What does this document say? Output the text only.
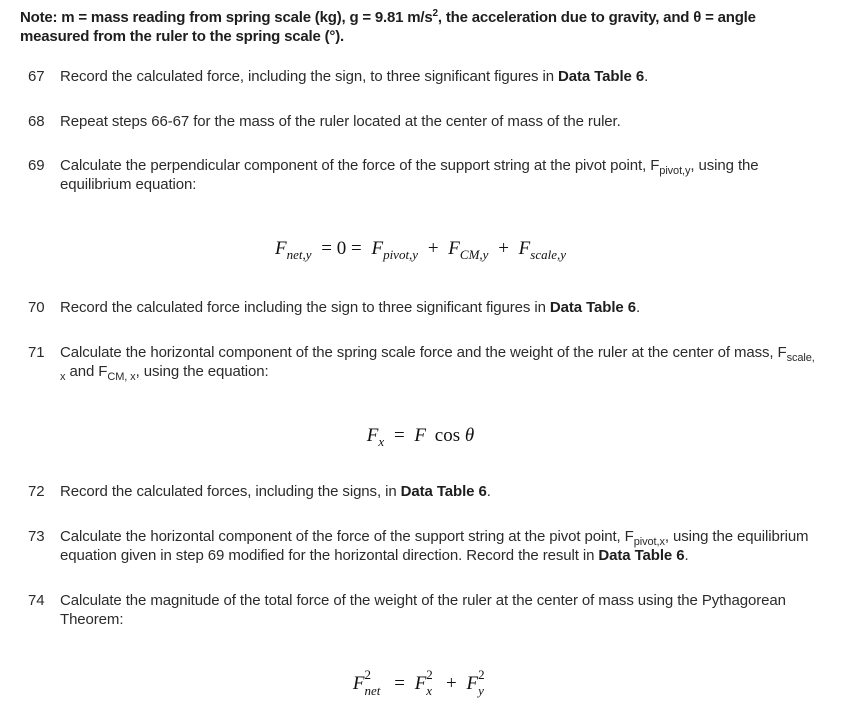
Note: m = mass reading from spring scale (kg), g = 9.81 $m/s^2$, the acceleration due to gravity, and θ = angle measured from the ruler to the spring scale (°).
67	Record the calculated force, including the sign, to three significant figures in Data Table 6.
68	Repeat steps 66-67 for the mass of the ruler located at the center of mass of the ruler.
69	Calculate the perpendicular component of the force of the support string at the pivot point, $F_{pivot,y}$, using the equilibrium equation:
$F_{net,y} = 0 = F_{pivot,y} + F_{CM,y} + F_{scale,y}$
70	Record the calculated force including the sign to three significant figures in Data Table 6.
71	Calculate the horizontal component of the spring scale force and the weight of the ruler at the center of mass, $F_{scale, x}$ and $F_{CM, x}$, using the equation:
$F_x = F$ cos θ
72	Record the calculated forces, including the signs, in Data Table 6.
73	Calculate the horizontal component of the force of the support string at the pivot point, $F_{pivot,x}$, using the equilibrium equation given in step 69 modified for the horizontal direction. Record the result in Data Table 6.
74	Calculate the magnitude of the total force of the weight of the ruler at the center of mass using the Pythagorean Theorem:
F 2
net = F 2
x + F 2
y
